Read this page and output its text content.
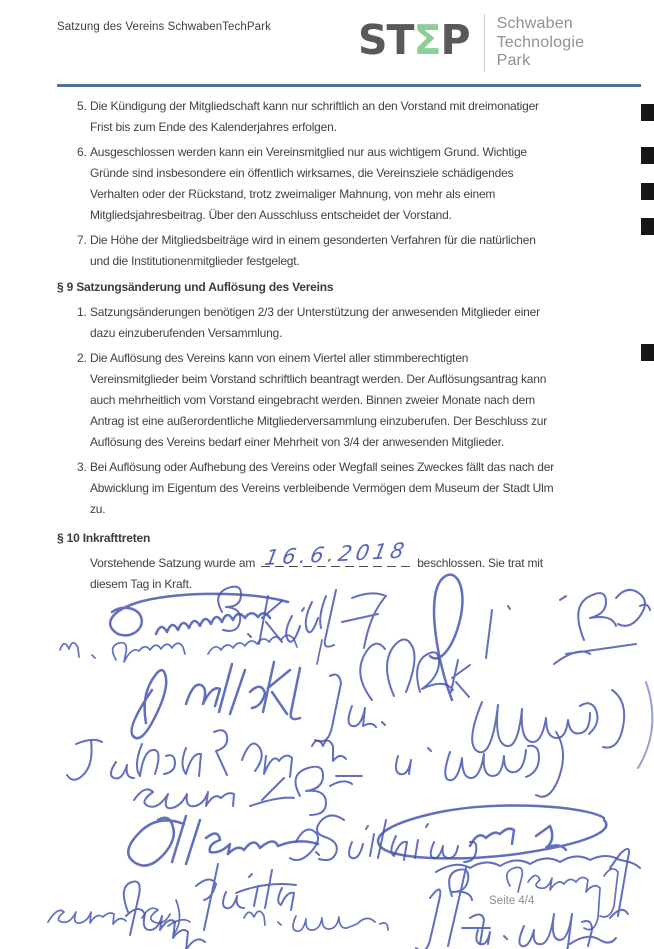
Satzung des Vereins SchwabenTechPark STΣP Schwaben
Technologie
Park
5. Die Kündigung der Mitgliedschaft kann nur schriftlich an den Vorstand mit dreimonatiger
Frist bis zum Ende des Kalenderjahres erfolgen.
6. Ausgeschlossen werden kann ein Vereinsmitglied nur aus wichtigem Grund. Wichtige
Gründe sind insbesondere ein öffentlich wirksames, die Vereinsziele schädigendes
Verhalten oder der Rückstand, trotz zweimaliger Mahnung, von mehr als einem
Mitgliedsjahresbeitrag. Über den Ausschluss entscheidet der Vorstand.
7. Die Höhe der Mitgliedsbeiträge wird in einem gesonderten Verfahren für die natürlichen
und die Institutionenmitglieder festgelegt.
§ 9 Satzungsänderung und Auflösung des Vereins
1. Satzungsänderungen benötigen 2/3 der Unterstützung der anwesenden Mitglieder einer
dazu einzuberufenden Versammlung.
2. Die Auflösung des Vereins kann von einem Viertel aller stimmberechtigten
Vereinsmitglieder beim Vorstand schriftlich beantragt werden. Der Auflösungsantrag kann
auch mehrheitlich vom Vorstand eingebracht werden. Binnen zweier Monate nach dem
Antrag ist eine außerordentliche Mitgliederversammlung einzuberufen. Der Beschluss zur
Auflösung des Vereins bedarf einer Mehrheit von 3/4 der anwesenden Mitglieder.
3. Bei Auflösung oder Aufhebung des Vereins oder Wegfall seines Zweckes fällt das nach der
Abwicklung im Eigentum des Vereins verbleibende Vermögen dem Museum der Stadt Ulm
zu.
§ 10 Inkrafttreten
Vorstehende Satzung wurde am 16.6.2018 beschlossen. Sie trat mit
diesem Tag in Kraft.
Seite 4/4
